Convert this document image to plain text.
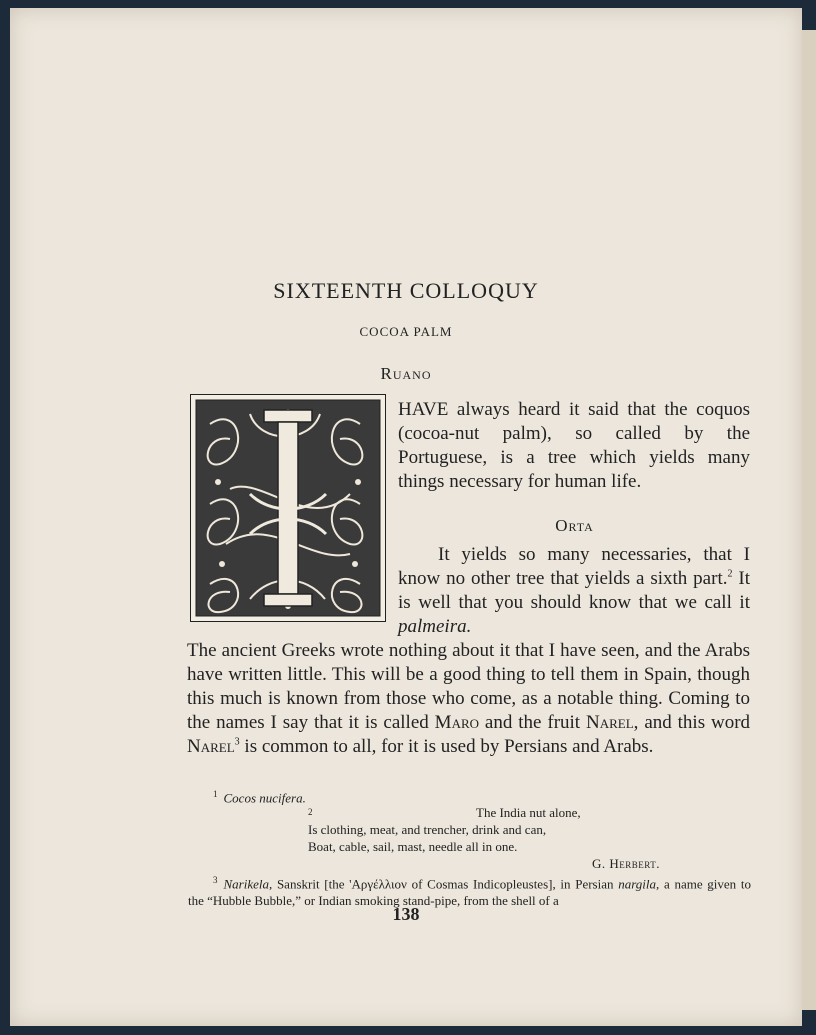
SIXTEENTH COLLOQUY
COCOA PALM
Ruano

HAVE always heard it said that the coquos (cocoa-nut palm), so called by the Portuguese, is a tree which yields many things necessary for human life.

Orta

It yields so many necessaries, that I know no other tree that yields a sixth part.$^2$ It is well that you should know that we call it palmeira.

The ancient Greeks wrote nothing about it that I have seen, and the Arabs have written little. This will be a good thing to tell them in Spain, though this much is known from those who come, as a notable thing. Coming to the names I say that it is called Maro and the fruit Narel, and this word Narel$^3$ is common to all, for it is used by Persians and Arabs.

$^1$ Cocos nucifera.

2	The India nut alone,
Is clothing, meat, and trencher, drink and can,
Boat, cable, sail, mast, needle all in one.
G. Herbert.

$^3$ Narikela, Sanskrit [the 'Αργέλλιον of Cosmas Indicopleustes], in Persian nargila, a name given to the “Hubble Bubble,” or Indian smoking stand-pipe, from the shell of a

138
